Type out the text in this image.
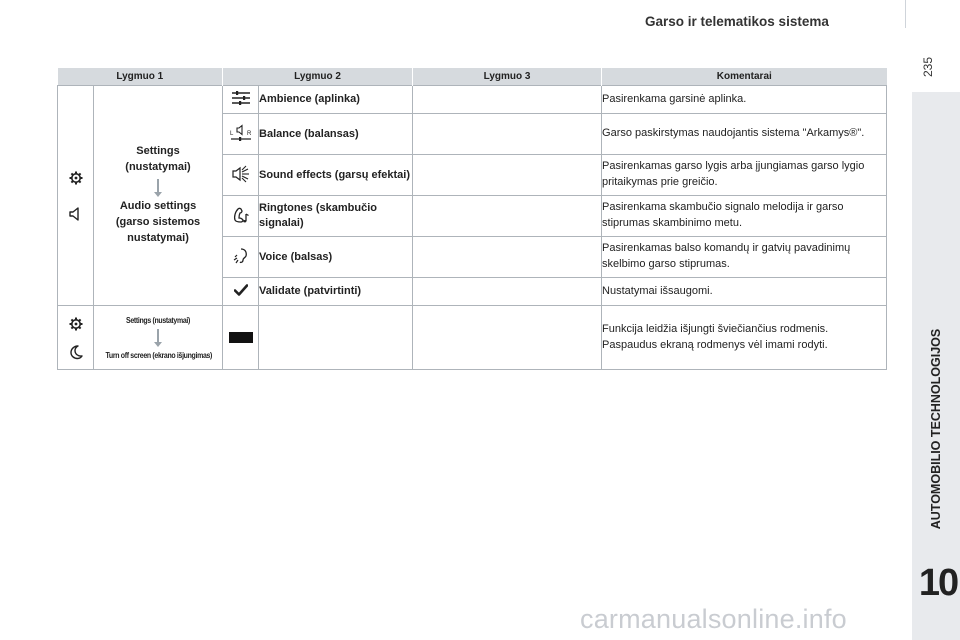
Garso ir telematikos sistema
235
AUTOMOBILIO TECHNOLOGIJOS
10
carmanualsonline.info
Lygmuo 1		Lygmuo 2		Lygmuo 3	Komentarai

Settings
(nustatymai)
Audio settings
(garso sistemos
nustatymai)		Ambience (aplinka)		Pasirenkama garsinė aplinka.

L R	Balance (balansas)		Garso paskirstymas naudojantis sistema "Arkamys®".
	Sound effects (garsų efektai)		Pasirenkamas garso lygis arba įjungiamas garso lygio pritaikymas prie greičio.
	Ringtones (skambučio signalai)		Pasirenkama skambučio signalo melodija ir garso stiprumas skambinimo metu.
	Voice (balsas)		Pasirenkamas balso komandų ir gatvių pavadinimų skelbimo garso stiprumas.
	Validate (patvirtinti)		Nustatymai išsaugomi.

Settings (nustatymai)
Turn off screen (ekrano išjungimas)				Funkcija leidžia išjungti šviečiančius rodmenis. Paspaudus ekraną rodmenys vėl imami rodyti.
